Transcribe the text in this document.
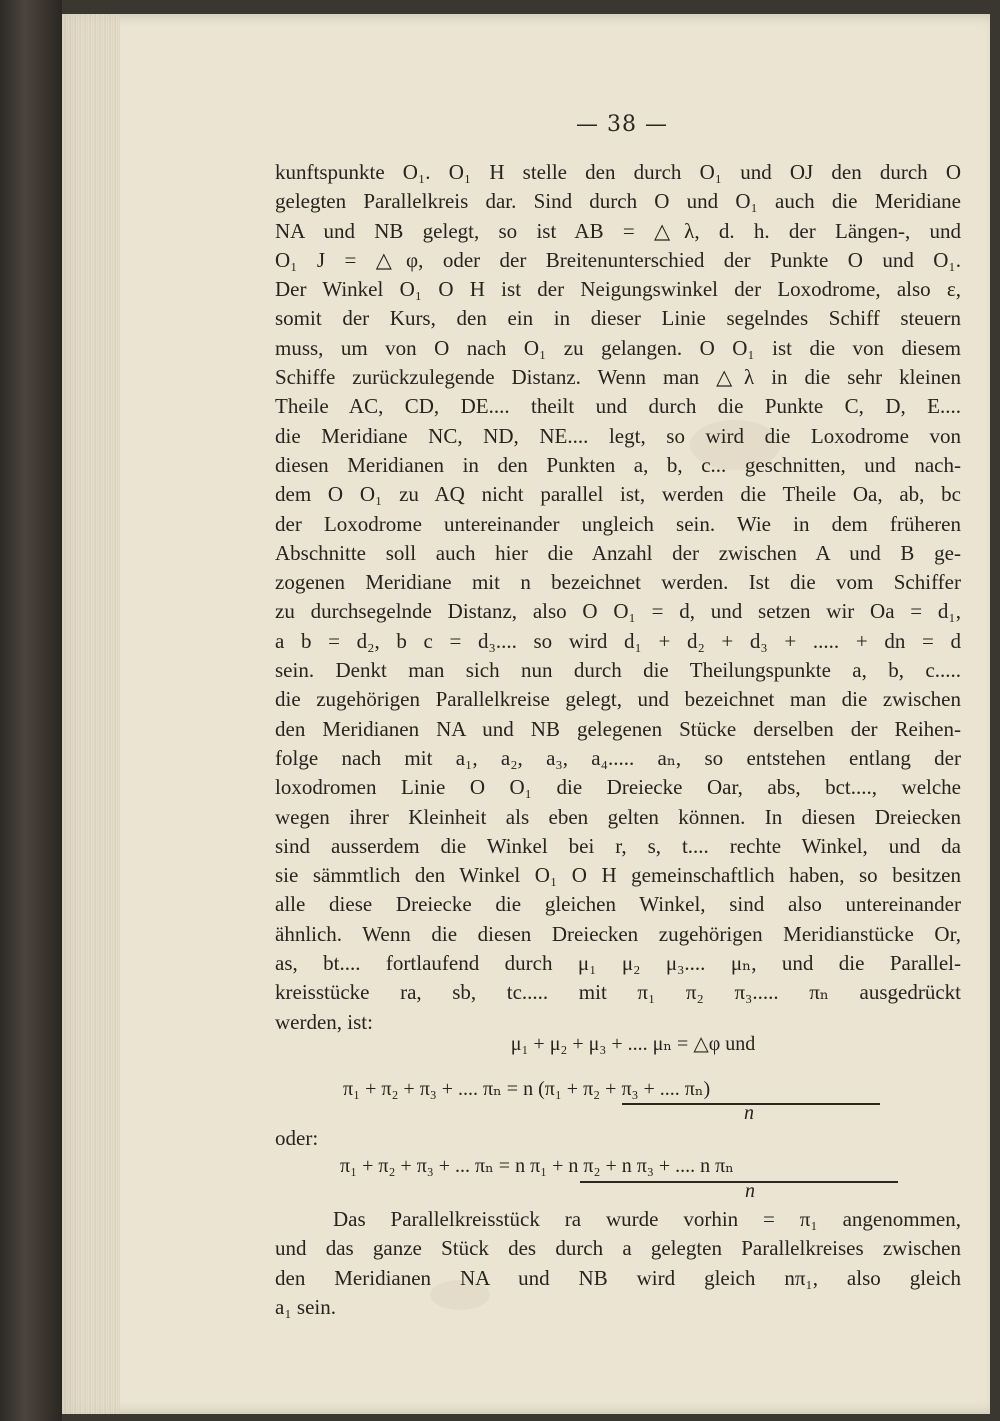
— 38 —
kunftspunkte O₁. O₁ H stelle den durch O₁ und OJ den durch O
gelegten Parallelkreis dar. Sind durch O und O₁ auch die Meridiane
NA und NB gelegt, so ist AB = △λ, d. h. der Längen-, und
O₁ J = △φ, oder der Breitenunterschied der Punkte O und O₁.
Der Winkel O₁ O H ist der Neigungswinkel der Loxodrome, also ε,
somit der Kurs, den ein in dieser Linie segelndes Schiff steuern
muss, um von O nach O₁ zu gelangen. O O₁ ist die von diesem
Schiffe zurückzulegende Distanz. Wenn man △λ in die sehr kleinen
Theile AC, CD, DE.... theilt und durch die Punkte C, D, E....
die Meridiane NC, ND, NE.... legt, so wird die Loxodrome von
diesen Meridianen in den Punkten a, b, c... geschnitten, und nach-
dem O O₁ zu AQ nicht parallel ist, werden die Theile Oa, ab, bc
der Loxodrome untereinander ungleich sein. Wie in dem früheren
Abschnitte soll auch hier die Anzahl der zwischen A und B ge-
zogenen Meridiane mit n bezeichnet werden. Ist die vom Schiffer
zu durchsegelnde Distanz, also O O₁ = d, und setzen wir Oa = d₁,
a b = d₂, b c = d₃.... so wird d₁ + d₂ + d₃ + ..... + dn = d
sein. Denkt man sich nun durch die Theilungspunkte a, b, c.....
die zugehörigen Parallelkreise gelegt, und bezeichnet man die zwischen
den Meridianen NA und NB gelegenen Stücke derselben der Reihen-
folge nach mit a₁, a₂, a₃, a₄..... aₙ, so entstehen entlang der
loxodromen Linie O O₁ die Dreiecke Oar, abs, bct...., welche
wegen ihrer Kleinheit als eben gelten können. In diesen Dreiecken
sind ausserdem die Winkel bei r, s, t.... rechte Winkel, und da
sie sämmtlich den Winkel O₁ O H gemeinschaftlich haben, so besitzen
alle diese Dreiecke die gleichen Winkel, sind also untereinander
ähnlich. Wenn die diesen Dreiecken zugehörigen Meridianstücke Or,
as, bt.... fortlaufend durch μ₁ μ₂ μ₃.... μₙ, und die Parallel-
kreisstücke ra, sb, tc..... mit π₁ π₂ π₃..... πₙ ausgedrückt
werden, ist:
μ₁ + μ₂ + μ₃ + .... μₙ = △φ und
π₁ + π₂ + π₃ + .... πₙ = n (π₁ + π₂ + π₃ + .... πₙ)
n
oder:
π₁ + π₂ + π₃ + ... πₙ = n π₁ + n π₂ + n π₃ + .... n πₙ
n
Das Parallelkreisstück ra wurde vorhin = π₁ angenommen,
und das ganze Stück des durch a gelegten Parallelkreises zwischen
den Meridianen NA und NB wird gleich nπ₁, also gleich
a₁ sein.
